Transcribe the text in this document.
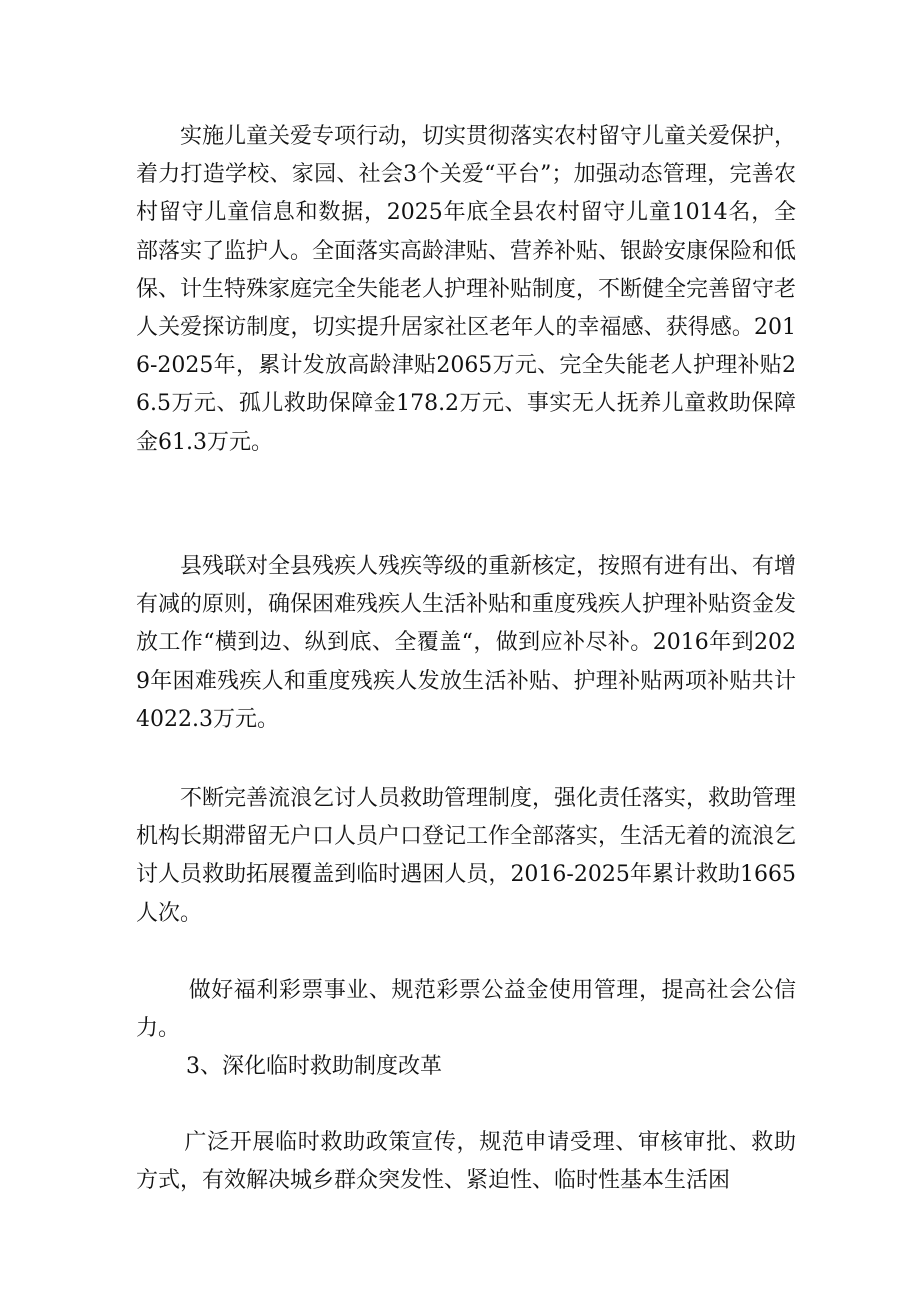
实施儿童关爱专项行动，切实贯彻落实农村留守儿童关爱保护，着力打造学校、家园、社会3个关爱“平台”；加强动态管理，完善农村留守儿童信息和数据，2025年底全县农村留守儿童1014名，全部落实了监护人。全面落实高龄津贴、营养补贴、银龄安康保险和低保、计生特殊家庭完全失能老人护理补贴制度，不断健全完善留守老人关爱探访制度，切实提升居家社区老年人的幸福感、获得感。2016-2025年，累计发放高龄津贴2065万元、完全失能老人护理补贴26.5万元、孤儿救助保障金178.2万元、事实无人抚养儿童救助保障金61.3万元。

县残联对全县残疾人残疾等级的重新核定，按照有进有出、有增有减的原则，确保困难残疾人生活补贴和重度残疾人护理补贴资金发放工作“横到边、纵到底、全覆盖“，做到应补尽补。2016年到2029年困难残疾人和重度残疾人发放生活补贴、护理补贴两项补贴共计4022.3万元。

不断完善流浪乞讨人员救助管理制度，强化责任落实，救助管理机构长期滞留无户口人员户口登记工作全部落实，生活无着的流浪乞讨人员救助拓展覆盖到临时遇困人员，2016-2025年累计救助1665人次。

做好福利彩票事业、规范彩票公益金使用管理，提高社会公信力。

3、深化临时救助制度改革

广泛开展临时救助政策宣传，规范申请受理、审核审批、救助方式，有效解决城乡群众突发性、紧迫性、临时性基本生活困
